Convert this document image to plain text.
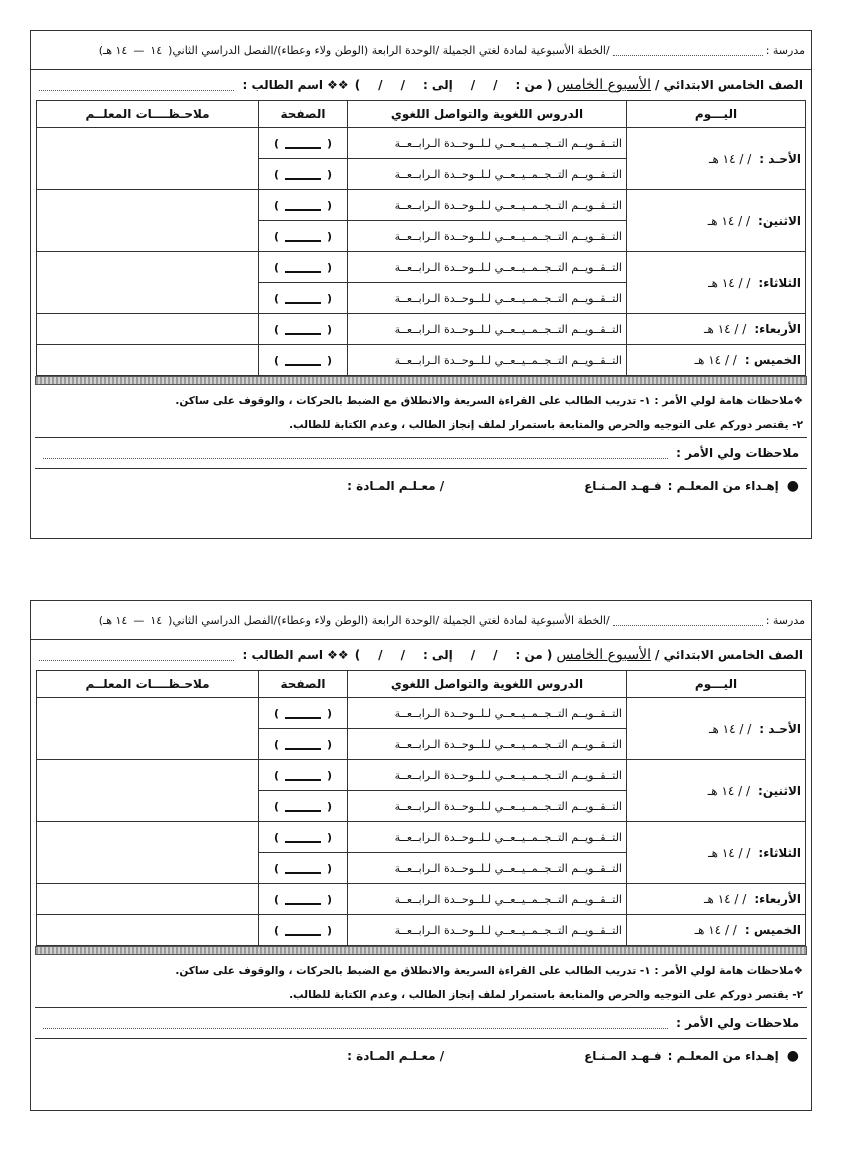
مدرسة :
/الخطة الأسبوعية لمادة لغتي الجميلة /الوحدة الرابعة (الوطن ولاء وعطاء)/الفصل الدراسي الثاني(
١٤
—
١٤ هـ)
الصف الخامس الابتدائي /
الأسبوع الخامس
( من :
/
/
إلى :
/
/
)
❖❖ اسم الطالب :
اليـــوم	الدروس اللغوية والتواصل اللغوي	الصفحة	ملاحـظــــات المعلــم
الأحـد :/ / ١٤ هـ	التــقــويــم التــجــمــيــعــي لـلــوحــدة الـرابــعــة	()	
	التــقــويــم التــجــمــيــعــي لـلــوحــدة الـرابــعــة	()	
الاثنين:/ / ١٤ هـ	التــقــويــم التــجــمــيــعــي لـلــوحــدة الـرابــعــة	()	
	التــقــويــم التــجــمــيــعــي لـلــوحــدة الـرابــعــة	()	
الثلاثاء:/ / ١٤ هـ	التــقــويــم التــجــمــيــعــي لـلــوحــدة الـرابــعــة	()	
	التــقــويــم التــجــمــيــعــي لـلــوحــدة الـرابــعــة	()	
الأربعاء:/ / ١٤ هـ	التــقــويــم التــجــمــيــعــي لـلــوحــدة الـرابــعــة	()	
الخميس :/ / ١٤ هـ	التــقــويــم التــجــمــيــعــي لـلــوحــدة الـرابــعــة	()	
❖ملاحظات هامة لولي الأمر : ١- تدريب الطالب على القراءة السريعة والانطلاق مع الضبط بالحركات ، والوقوف على ساكن.
٢- يقتصر دوركم على التوجيه والحرص والمتابعة باستمرار لملف إنجاز الطالب ، وعدم الكتابة للطالب.
ملاحظات ولي الأمر :
●
إهـداء من المعلـم :
فـهـد المـنـاع
/ معـلـم المـادة :
مدرسة :
/الخطة الأسبوعية لمادة لغتي الجميلة /الوحدة الرابعة (الوطن ولاء وعطاء)/الفصل الدراسي الثاني(
١٤
—
١٤ هـ)
الصف الخامس الابتدائي /
الأسبوع الخامس
( من :
/
/
إلى :
/
/
)
❖❖ اسم الطالب :
اليـــوم	الدروس اللغوية والتواصل اللغوي	الصفحة	ملاحـظــــات المعلــم
الأحـد :/ / ١٤ هـ	التــقــويــم التــجــمــيــعــي لـلــوحــدة الـرابــعــة	()	
	التــقــويــم التــجــمــيــعــي لـلــوحــدة الـرابــعــة	()	
الاثنين:/ / ١٤ هـ	التــقــويــم التــجــمــيــعــي لـلــوحــدة الـرابــعــة	()	
	التــقــويــم التــجــمــيــعــي لـلــوحــدة الـرابــعــة	()	
الثلاثاء:/ / ١٤ هـ	التــقــويــم التــجــمــيــعــي لـلــوحــدة الـرابــعــة	()	
	التــقــويــم التــجــمــيــعــي لـلــوحــدة الـرابــعــة	()	
الأربعاء:/ / ١٤ هـ	التــقــويــم التــجــمــيــعــي لـلــوحــدة الـرابــعــة	()	
الخميس :/ / ١٤ هـ	التــقــويــم التــجــمــيــعــي لـلــوحــدة الـرابــعــة	()	
❖ملاحظات هامة لولي الأمر : ١- تدريب الطالب على القراءة السريعة والانطلاق مع الضبط بالحركات ، والوقوف على ساكن.
٢- يقتصر دوركم على التوجيه والحرص والمتابعة باستمرار لملف إنجاز الطالب ، وعدم الكتابة للطالب.
ملاحظات ولي الأمر :
●
إهـداء من المعلـم :
فـهـد المـنـاع
/ معـلـم المـادة :
